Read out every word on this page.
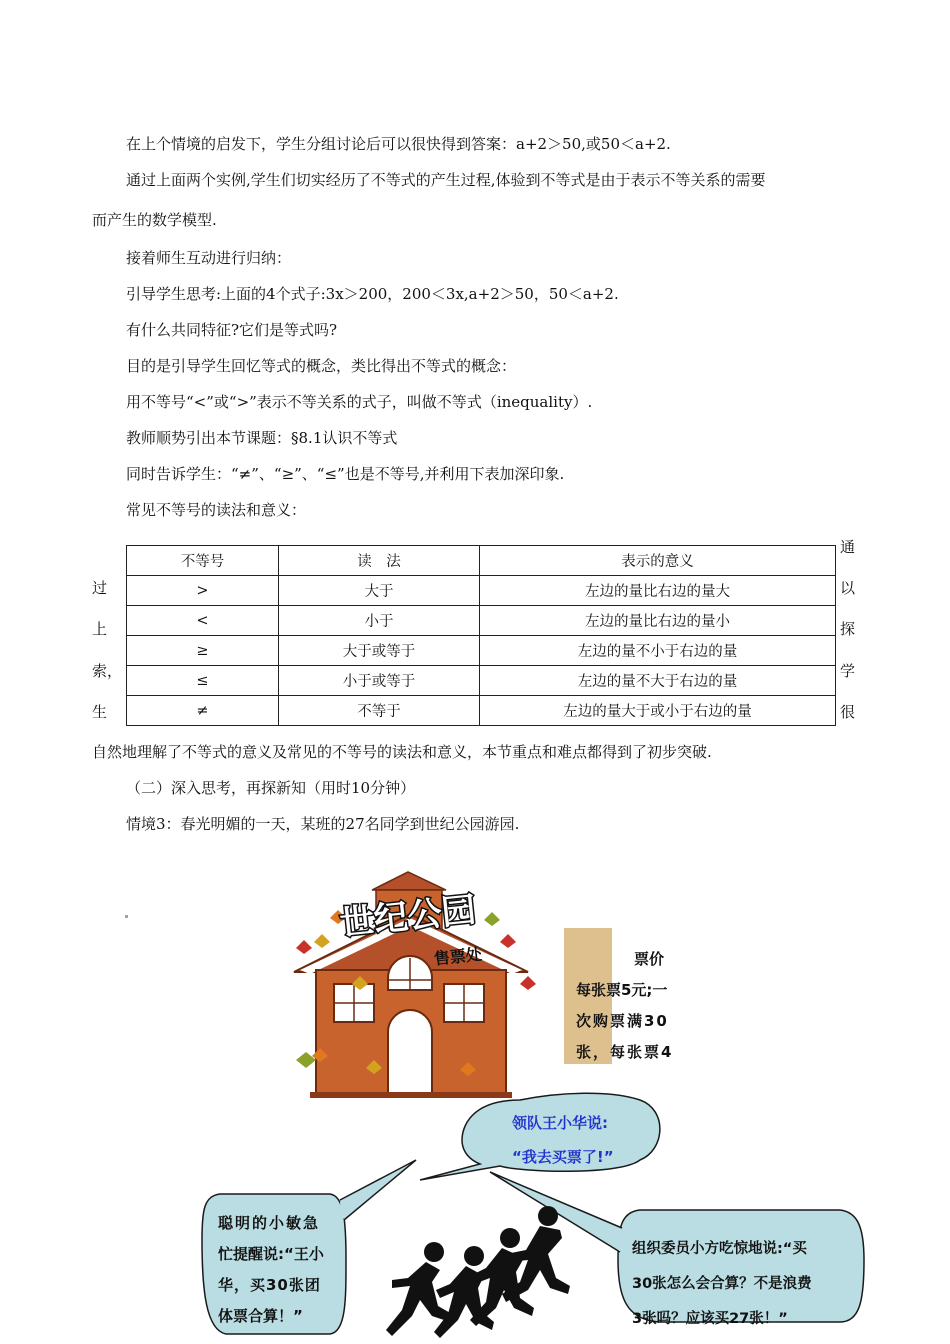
在上个情境的启发下，学生分组讨论后可以很快得到答案：a+2＞50,或50＜a+2.
通过上面两个实例,学生们切实经历了不等式的产生过程,体验到不等式是由于表示不等关系的需要
而产生的数学模型.
接着师生互动进行归纳：
引导学生思考:上面的4个式子:3x＞200，200＜3x,a+2＞50，50＜a+2.
有什么共同特征?它们是等式吗?
目的是引导学生回忆等式的概念，类比得出不等式的概念：
用不等号“<”或“>”表示不等关系的式子，叫做不等式（inequality）.
教师顺势引出本节课题：§8.1认识不等式
同时告诉学生：“≠”、“≥”、“≤”也是不等号,并利用下表加深印象.
常见不等号的读法和意义：
过
上
索，
生
通
以
探
学
很
不等号	读　法	表示的意义
>	大于	左边的量比右边的量大
<	小于	左边的量比右边的量小
≥	大于或等于	左边的量不小于右边的量
≤	小于或等于	左边的量不大于右边的量
≠	不等于	左边的量大于或小于右边的量
自然地理解了不等式的意义及常见的不等号的读法和意义，本节重点和难点都得到了初步突破.
（二）深入思考，再探新知（用时10分钟）
情境3：春光明媚的一天，某班的27名同学到世纪公园游园.
世纪公园
售票处	票价
每张票5元;一
次购票满30
张，每张票4
领队王小华说:
“我去买票了!”
聪明的小敏急
忙提醒说:“王小
华，买30张团
体票合算！”
组织委员小方吃惊地说:“买
30张怎么会合算？不是浪费
3张吗？应该买27张！”
